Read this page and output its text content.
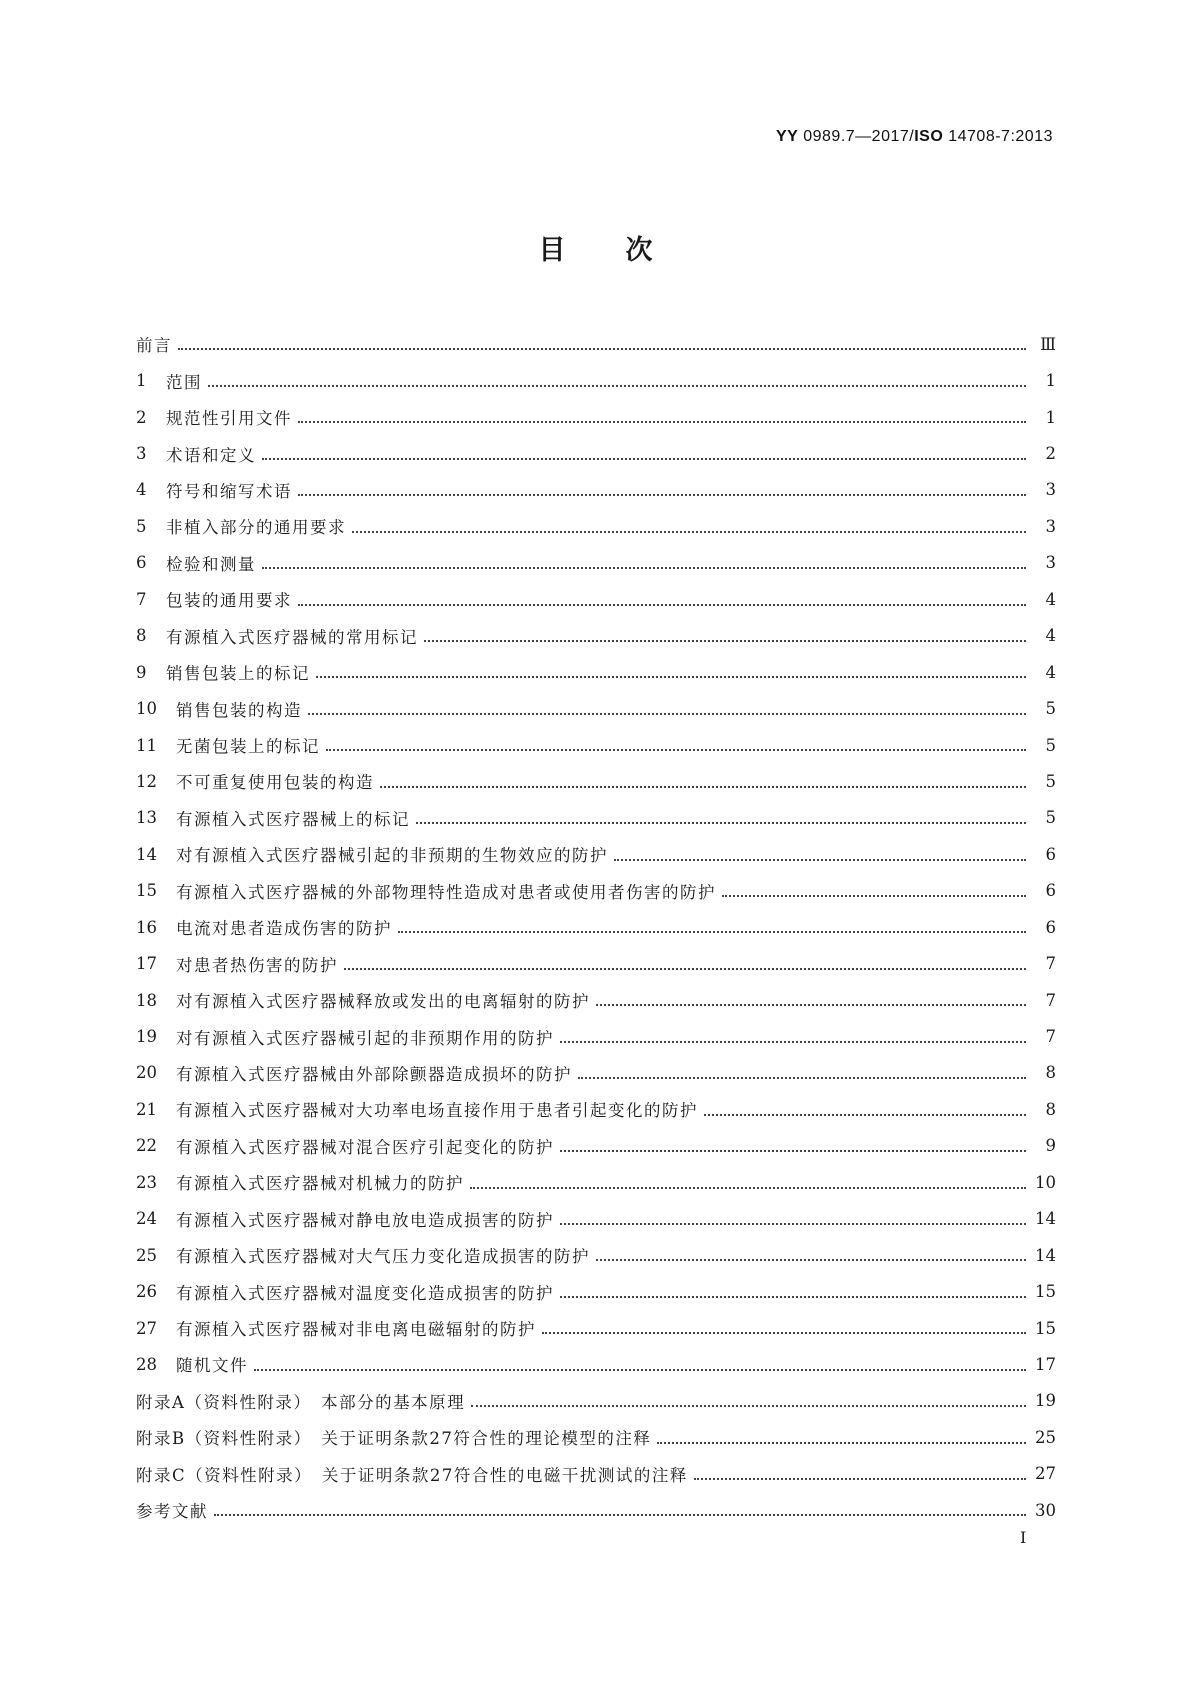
YY 0989.7—2017/ISO 14708-7:2013
目次
前言	Ⅲ
1	范围	1
2	规范性引用文件	1
3	术语和定义	2
4	符号和缩写术语	3
5	非植入部分的通用要求	3
6	检验和测量	3
7	包装的通用要求	4
8	有源植入式医疗器械的常用标记	4
9	销售包装上的标记	4
10	销售包装的构造	5
11	无菌包装上的标记	5
12	不可重复使用包装的构造	5
13	有源植入式医疗器械上的标记	5
14	对有源植入式医疗器械引起的非预期的生物效应的防护	6
15	有源植入式医疗器械的外部物理特性造成对患者或使用者伤害的防护	6
16	电流对患者造成伤害的防护	6
17	对患者热伤害的防护	7
18	对有源植入式医疗器械释放或发出的电离辐射的防护	7
19	对有源植入式医疗器械引起的非预期作用的防护	7
20	有源植入式医疗器械由外部除颤器造成损坏的防护	8
21	有源植入式医疗器械对大功率电场直接作用于患者引起变化的防护	8
22	有源植入式医疗器械对混合医疗引起变化的防护	9
23	有源植入式医疗器械对机械力的防护	10
24	有源植入式医疗器械对静电放电造成损害的防护	14
25	有源植入式医疗器械对大气压力变化造成损害的防护	14
26	有源植入式医疗器械对温度变化造成损害的防护	15
27	有源植入式医疗器械对非电离电磁辐射的防护	15
28	随机文件	17
附录A（资料性附录）　本部分的基本原理	19
附录B（资料性附录）　关于证明条款27符合性的理论模型的注释	25
附录C（资料性附录）　关于证明条款27符合性的电磁干扰测试的注释	27
参考文献	30
I
